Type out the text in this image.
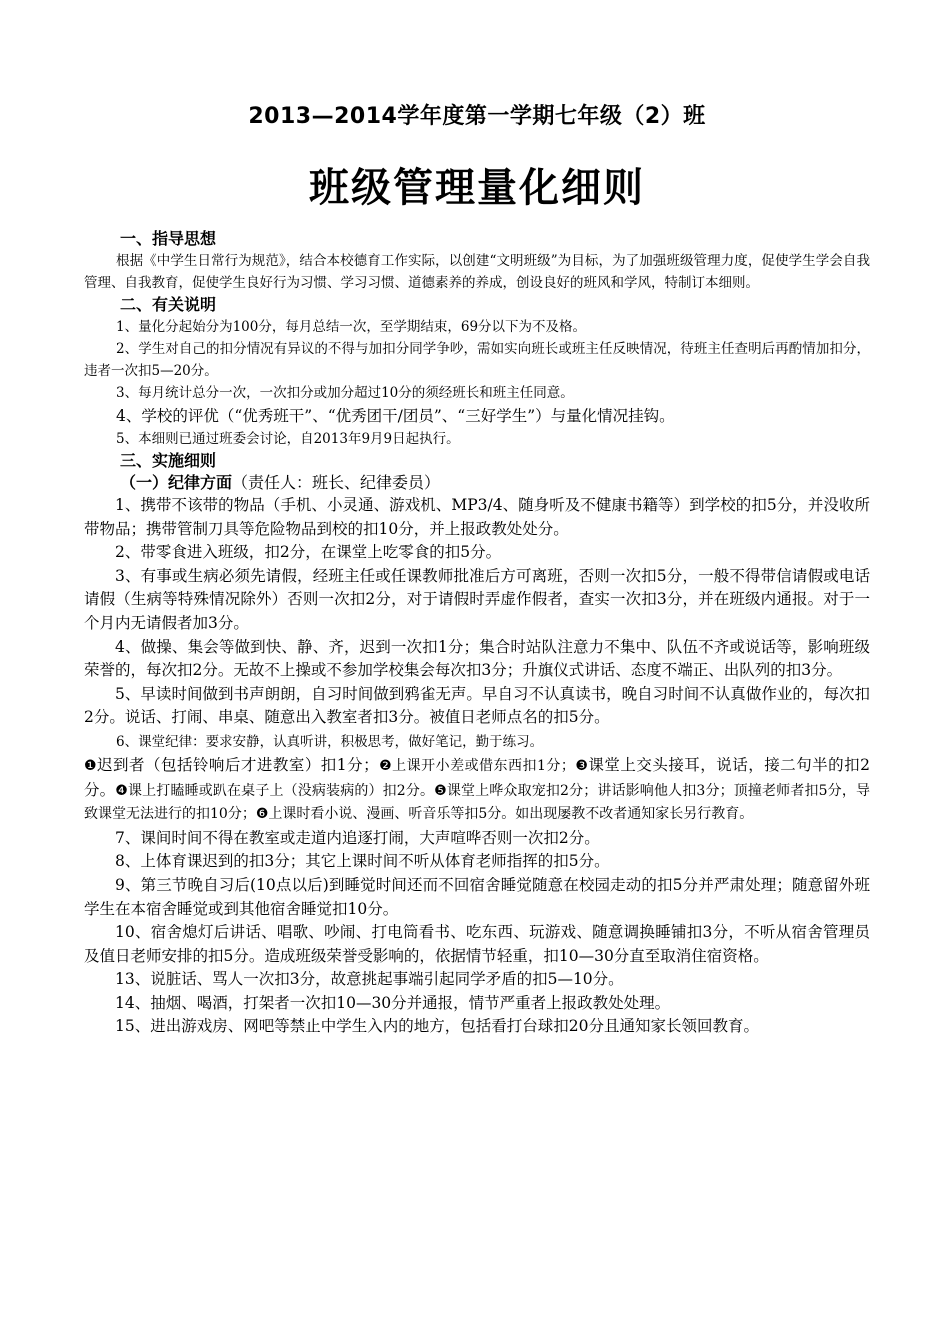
2013—2014学年度第一学期七年级（2）班
班级管理量化细则

一、指导思想

根据《中学生日常行为规范》，结合本校德育工作实际，以创建“文明班级”为目标，为了加强班级管理力度，促使学生学会自我管理、自我教育，促使学生良好行为习惯、学习习惯、道德素养的养成，创设良好的班风和学风，特制订本细则。

二、有关说明

1、量化分起始分为100分，每月总结一次，至学期结束，69分以下为不及格。

2、学生对自己的扣分情况有异议的不得与加扣分同学争吵，需如实向班长或班主任反映情况，待班主任查明后再酌情加扣分，违者一次扣5—20分。

3、每月统计总分一次，一次扣分或加分超过10分的须经班长和班主任同意。

4、学校的评优（“优秀班干”、“优秀团干/团员”、“三好学生”）与量化情况挂钩。

5、本细则已通过班委会讨论，自2013年9月9日起执行。

三、实施细则

（一）纪律方面（责任人：班长、纪律委员）

1、携带不该带的物品（手机、小灵通、游戏机、MP3/4、随身听及不健康书籍等）到学校的扣5分，并没收所带物品；携带管制刀具等危险物品到校的扣10分，并上报政教处处分。

2、带零食进入班级，扣2分，在课堂上吃零食的扣5分。

3、有事或生病必须先请假，经班主任或任课教师批准后方可离班，否则一次扣5分，一般不得带信请假或电话请假（生病等特殊情况除外）否则一次扣2分，对于请假时弄虚作假者，查实一次扣3分，并在班级内通报。对于一个月内无请假者加3分。

4、做操、集会等做到快、静、齐，迟到一次扣1分；集合时站队注意力不集中、队伍不齐或说话等，影响班级荣誉的，每次扣2分。无故不上操或不参加学校集会每次扣3分；升旗仪式讲话、态度不端正、出队列的扣3分。

5、早读时间做到书声朗朗，自习时间做到鸦雀无声。早自习不认真读书，晚自习时间不认真做作业的，每次扣2分。说话、打闹、串桌、随意出入教室者扣3分。被值日老师点名的扣5分。

6、课堂纪律：要求安静，认真听讲，积极思考，做好笔记，勤于练习。

❶迟到者（包括铃响后才进教室）扣1分；❷上课开小差或借东西扣1分；❸课堂上交头接耳，说话，接二句半的扣2分。❹课上打瞌睡或趴在桌子上（没病装病的）扣2分。❺课堂上哗众取宠扣2分；讲话影响他人扣3分；顶撞老师者扣5分，导致课堂无法进行的扣10分；❻上课时看小说、漫画、听音乐等扣5分。如出现屡教不改者通知家长另行教育。

7、课间时间不得在教室或走道内追逐打闹，大声喧哗否则一次扣2分。

8、上体育课迟到的扣3分；其它上课时间不听从体育老师指挥的扣5分。

9、第三节晚自习后(10点以后)到睡觉时间还而不回宿舍睡觉随意在校园走动的扣5分并严肃处理；随意留外班学生在本宿舍睡觉或到其他宿舍睡觉扣10分。

10、宿舍熄灯后讲话、唱歌、吵闹、打电筒看书、吃东西、玩游戏、随意调换睡铺扣3分，不听从宿舍管理员及值日老师安排的扣5分。造成班级荣誉受影响的，依据情节轻重，扣10—30分直至取消住宿资格。

13、说脏话、骂人一次扣3分，故意挑起事端引起同学矛盾的扣5—10分。

14、抽烟、喝酒，打架者一次扣10—30分并通报，情节严重者上报政教处处理。

15、进出游戏房、网吧等禁止中学生入内的地方，包括看打台球扣20分且通知家长领回教育。
